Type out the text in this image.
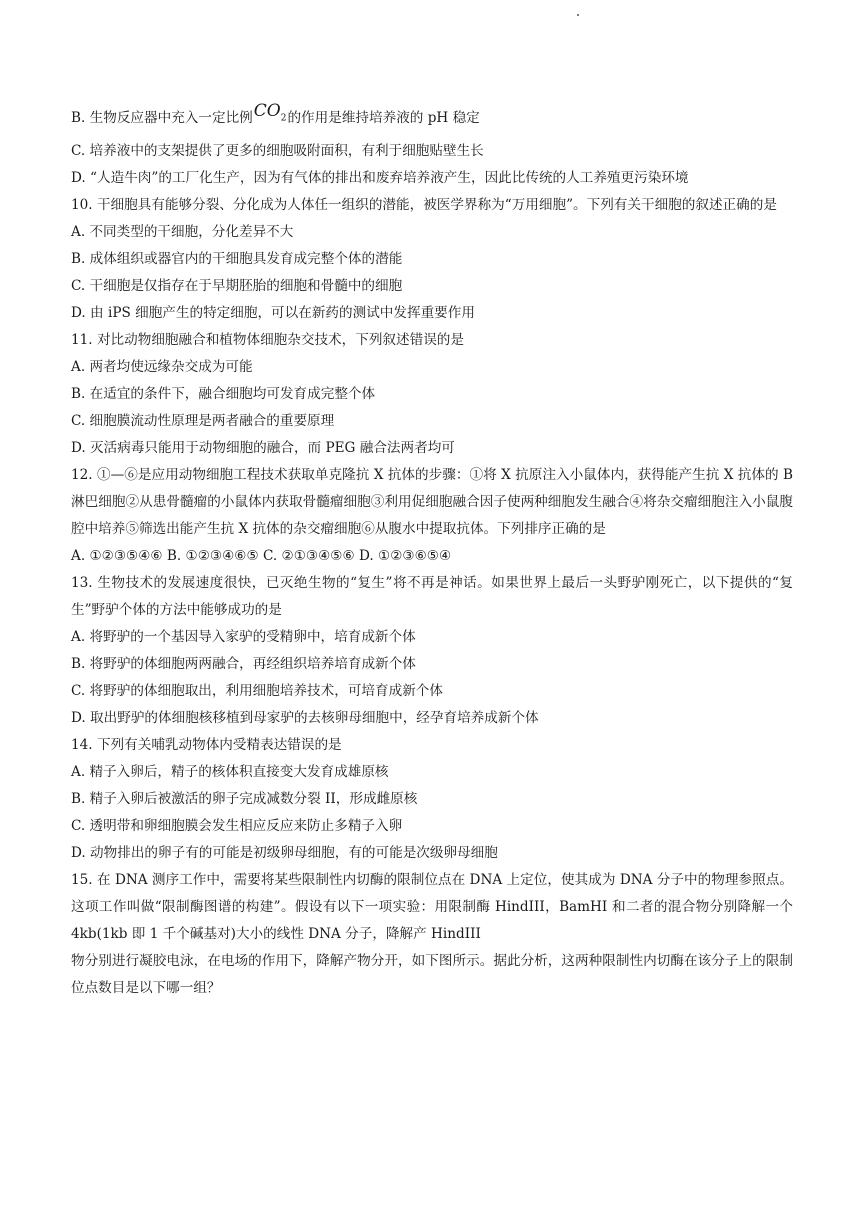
B. 生物反应器中充入一定比例$CO_2$的作用是维持培养液的 pH 稳定
C. 培养液中的支架提供了更多的细胞吸附面积，有利于细胞贴壁生长
D. “人造牛肉”的工厂化生产，因为有气体的排出和废弃培养液产生，因此比传统的人工养殖更污染环境
10. 干细胞具有能够分裂、分化成为人体任一组织的潜能，被医学界称为“万用细胞”。下列有关干细胞的叙述正确的是
A. 不同类型的干细胞，分化差异不大
B. 成体组织或器官内的干细胞具发育成完整个体的潜能
C. 干细胞是仅指存在于早期胚胎的细胞和骨髓中的细胞
D. 由 iPS 细胞产生的特定细胞，可以在新药的测试中发挥重要作用
11. 对比动物细胞融合和植物体细胞杂交技术，下列叙述错误的是
A. 两者均使远缘杂交成为可能
B. 在适宜的条件下，融合细胞均可发育成完整个体
C. 细胞膜流动性原理是两者融合的重要原理
D. 灭活病毒只能用于动物细胞的融合，而 PEG 融合法两者均可
12. ①—⑥是应用动物细胞工程技术获取单克隆抗 X 抗体的步骤：①将 X 抗原注入小鼠体内，获得能产生抗 X 抗体的 B 淋巴细胞②从患骨髓瘤的小鼠体内获取骨髓瘤细胞③利用促细胞融合因子使两种细胞发生融合④将杂交瘤细胞注入小鼠腹腔中培养⑤筛选出能产生抗 X 抗体的杂交瘤细胞⑥从腹水中提取抗体。下列排序正确的是
A. ①②③⑤④⑥ B. ①②③④⑥⑤ C. ②①③④⑤⑥ D. ①②③⑥⑤④
13. 生物技术的发展速度很快，已灭绝生物的“复生”将不再是神话。如果世界上最后一头野驴刚死亡，以下提供的“复生”野驴个体的方法中能够成功的是
A. 将野驴的一个基因导入家驴的受精卵中，培育成新个体
B. 将野驴的体细胞两两融合，再经组织培养培育成新个体
C. 将野驴的体细胞取出，利用细胞培养技术，可培育成新个体
D. 取出野驴的体细胞核移植到母家驴的去核卵母细胞中，经孕育培养成新个体
14. 下列有关哺乳动物体内受精表达错误的是
A. 精子入卵后，精子的核体积直接变大发育成雄原核
B. 精子入卵后被激活的卵子完成减数分裂 II，形成雌原核
C. 透明带和卵细胞膜会发生相应反应来防止多精子入卵
D. 动物排出的卵子有的可能是初级卵母细胞，有的可能是次级卵母细胞
15. 在 DNA 测序工作中，需要将某些限制性内切酶的限制位点在 DNA 上定位，使其成为 DNA 分子中的物理参照点。这项工作叫做“限制酶图谱的构建”。假设有以下一项实验：用限制酶 HindIII，BamHI 和二者的混合物分别降解一个 4kb(1kb 即 1 千个碱基对)大小的线性 DNA 分子，降解产 HindIII
物分别进行凝胶电泳，在电场的作用下，降解产物分开，如下图所示。据此分析，这两种限制性内切酶在该分子上的限制位点数目是以下哪一组？
